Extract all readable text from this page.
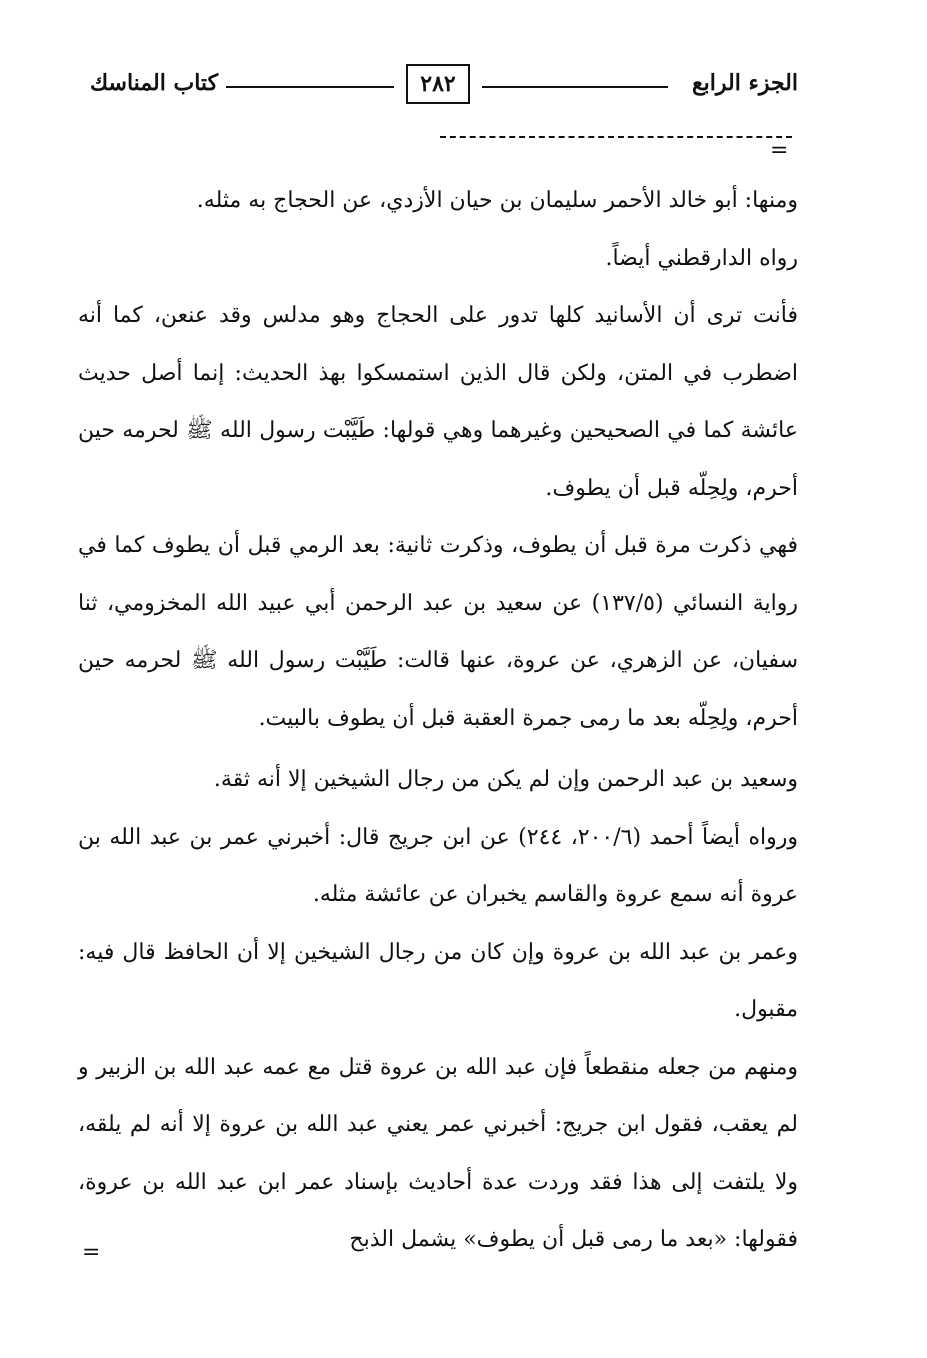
الجزء الرابع
٢٨٢
كتاب المناسك
=

ومنها: أبو خالد الأحمر سليمان بن حيان الأزدي، عن الحجاج به مثله.

رواه الدارقطني أيضاً.

فأنت ترى أن الأسانيد كلها تدور على الحجاج وهو مدلس وقد عنعن، كما أنه اضطرب في المتن، ولكن قال الذين استمسكوا بهذ الحديث: إنما أصل حديث عائشة كما في الصحيحين وغيرهما وهي قولها: طَيَّبْت رسول الله ﷺ لحرمه حين أحرم، ولِحِلّه قبل أن يطوف.

فهي ذكرت مرة قبل أن يطوف، وذكرت ثانية: بعد الرمي قبل أن يطوف كما في رواية النسائي (١٣٧/٥) عن سعيد بن عبد الرحمن أبي عبيد الله المخزومي، ثنا سفيان، عن الزهري، عن عروة، عنها قالت: طَيَّبْت رسول الله ﷺ لحرمه حين أحرم، ولِحِلّه بعد ما رمى جمرة العقبة قبل أن يطوف بالبيت.

وسعيد بن عبد الرحمن وإن لم يكن من رجال الشيخين إلا أنه ثقة.

ورواه أيضاً أحمد (٢٠٠/٦، ٢٤٤) عن ابن جريج قال: أخبرني عمر بن عبد الله بن عروة أنه سمع عروة والقاسم يخبران عن عائشة مثله.

وعمر بن عبد الله بن عروة وإن كان من رجال الشيخين إلا أن الحافظ قال فيه: مقبول.

ومنهم من جعله منقطعاً فإن عبد الله بن عروة قتل مع عمه عبد الله بن الزبير و لم يعقب، فقول ابن جريج: أخبرني عمر يعني عبد الله بن عروة إلا أنه لم يلقه، ولا يلتفت إلى هذا فقد وردت عدة أحاديث بإسناد عمر ابن عبد الله بن عروة، فقولها: «بعد ما رمى قبل أن يطوف» يشمل الذبح

=
